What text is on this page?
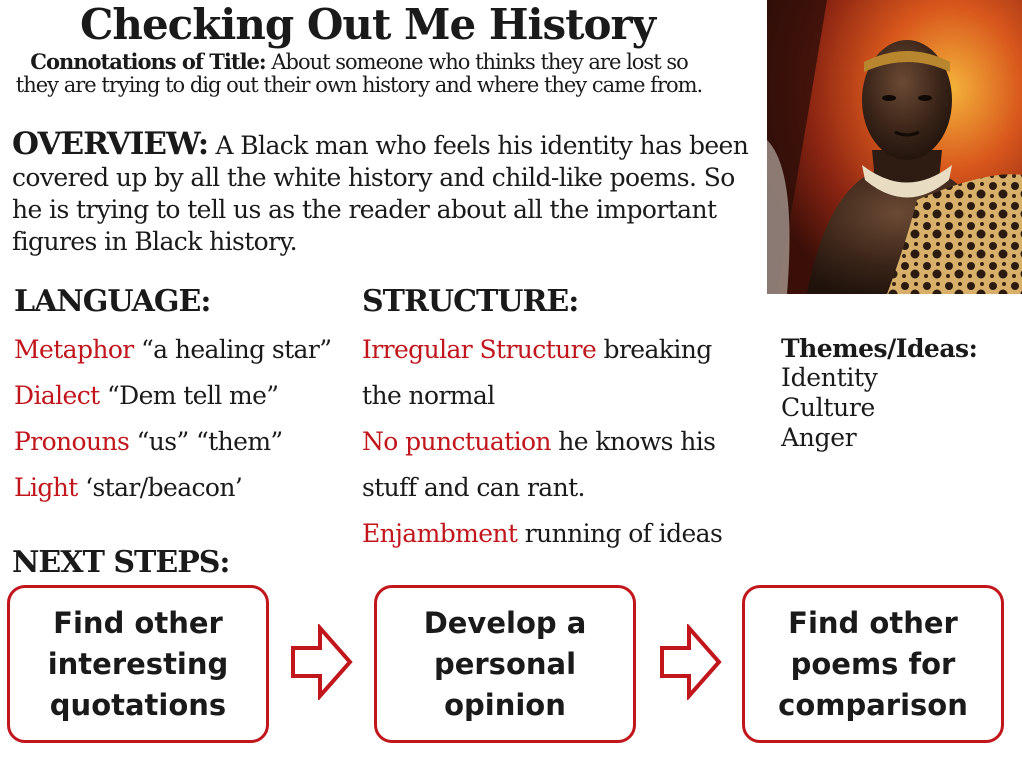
Checking Out Me History
Connotations of Title: About someone who thinks they are lost so they are trying to dig out their own history and where they came from.
OVERVIEW: A Black man who feels his identity has been covered up by all the white history and child-like poems. So he is trying to tell us as the reader about all the important figures in Black history.
LANGUAGE:
Metaphor “a healing star”
Dialect “Dem tell me”
Pronouns “us” “them”
Light ‘star/beacon’
STRUCTURE:
Irregular Structure breaking
the normal
No punctuation he knows his
stuff and can rant.
Enjambment running of ideas
Themes/Ideas:
Identity
Culture
Anger
NEXT STEPS:
Find other
interesting
quotations
Develop a
personal
opinion
Find other
poems for
comparison
